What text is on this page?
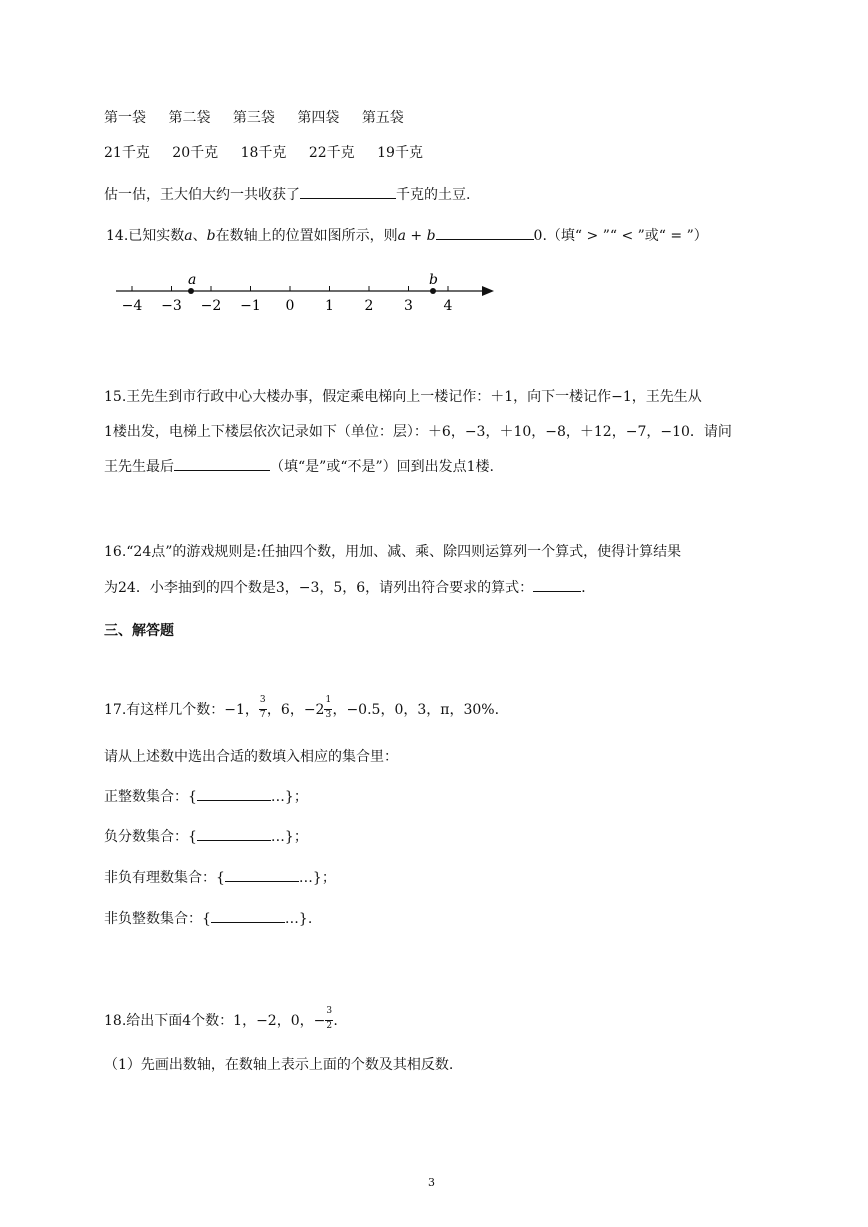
第一袋 第二袋 第三袋 第四袋 第五袋
21千克 20千克 18千克 22千克 19千克
估一估，王大伯大约一共收获了	千克的土豆.
14.已知实数a、b在数轴上的位置如图所示，则a + b	0.（填“ > ”“ < ”或“ = ”）
−4 −3 −2 −1 0 1 2 3 4
a	b
15.王先生到市行政中心大楼办事，假定乘电梯向上一楼记作：＋1，向下一楼记作−1，王先生从
1楼出发，电梯上下楼层依次记录如下（单位：层）：＋6，−3，＋10，−8，＋12，−7，−10．请问
王先生最后	（填“是”或“不是”）回到出发点1楼.
16.“24点”的游戏规则是:任抽四个数，用加、减、乘、除四则运算列一个算式，使得计算结果
为24．小李抽到的四个数是3，−3，5，6，请列出符合要求的算式：	．
三、解答题
17.有这样几个数：−1， $\frac{3}{7}$ ，6，$-2 \frac{1}{3}$ ，−0.5，0，3，π，30%.
请从上述数中选出合适的数填入相应的集合里：
正整数集合：{	…}；
负分数集合：{	…}；
非负有理数集合：{	…}；
非负整数集合：{	…}.
18.给出下面4个数：1，−2，0，− $\frac{3}{2}$ .
（1）先画出数轴，在数轴上表示上面的个数及其相反数.
3
